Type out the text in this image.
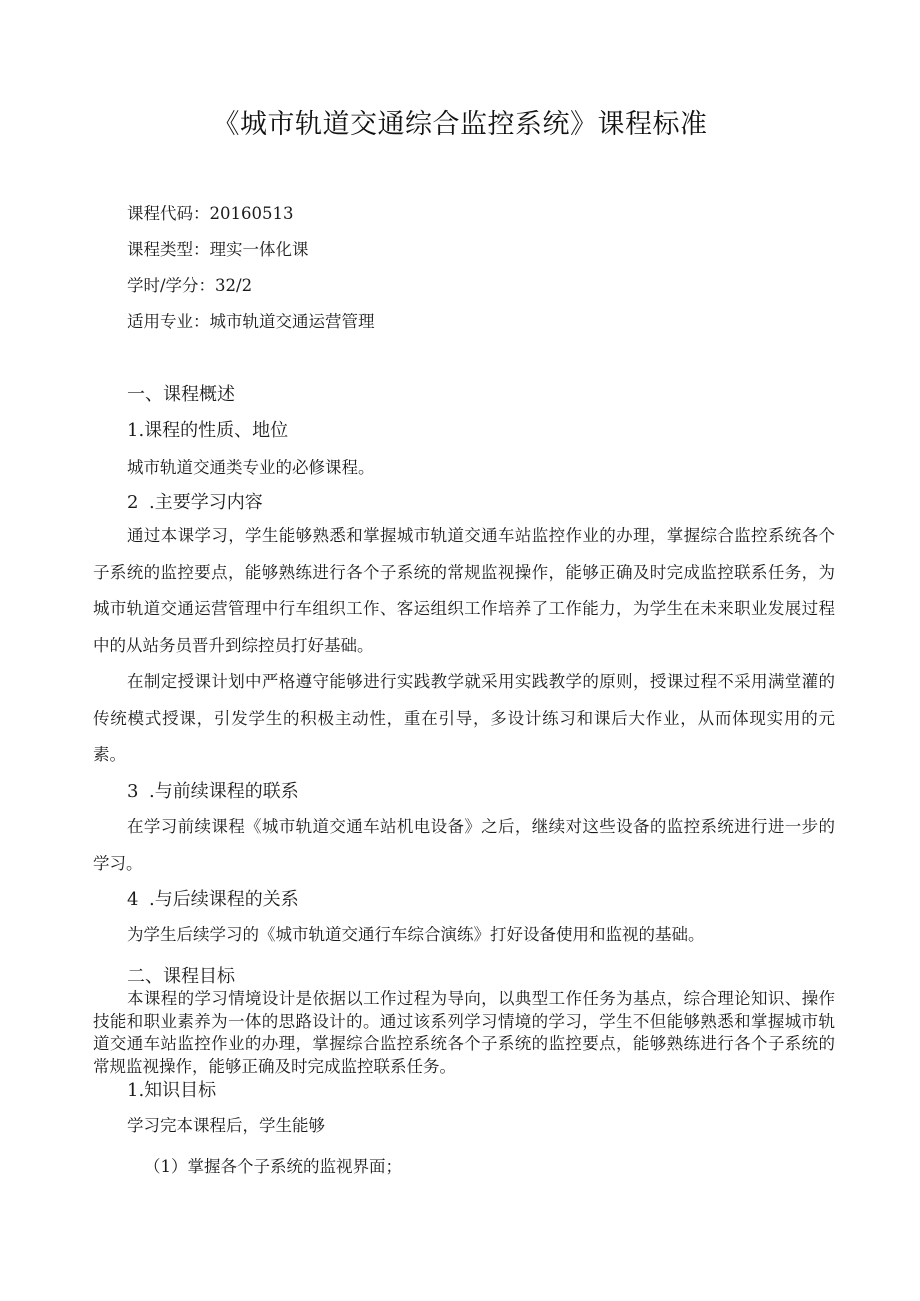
《城市轨道交通综合监控系统》课程标准
课程代码：20160513
课程类型：理实一体化课
学时/学分：32/2
适用专业：城市轨道交通运营管理
一、课程概述
1.课程的性质、地位
城市轨道交通类专业的必修课程。
2 .主要学习内容
通过本课学习，学生能够熟悉和掌握城市轨道交通车站监控作业的办理，掌握综合监控系统各个子系统的监控要点，能够熟练进行各个子系统的常规监视操作，能够正确及时完成监控联系任务，为城市轨道交通运营管理中行车组织工作、客运组织工作培养了工作能力，为学生在未来职业发展过程中的从站务员晋升到综控员打好基础。
在制定授课计划中严格遵守能够进行实践教学就采用实践教学的原则，授课过程不采用满堂灌的传统模式授课，引发学生的积极主动性，重在引导，多设计练习和课后大作业，从而体现实用的元素。
3 .与前续课程的联系
在学习前续课程《城市轨道交通车站机电设备》之后，继续对这些设备的监控系统进行进一步的学习。
4 .与后续课程的关系
为学生后续学习的《城市轨道交通行车综合演练》打好设备使用和监视的基础。
二、课程目标
本课程的学习情境设计是依据以工作过程为导向，以典型工作任务为基点，综合理论知识、操作技能和职业素养为一体的思路设计的。通过该系列学习情境的学习，学生不但能够熟悉和掌握城市轨道交通车站监控作业的办理，掌握综合监控系统各个子系统的监控要点，能够熟练进行各个子系统的常规监视操作，能够正确及时完成监控联系任务。
1.知识目标
学习完本课程后，学生能够
（1）掌握各个子系统的监视界面；
